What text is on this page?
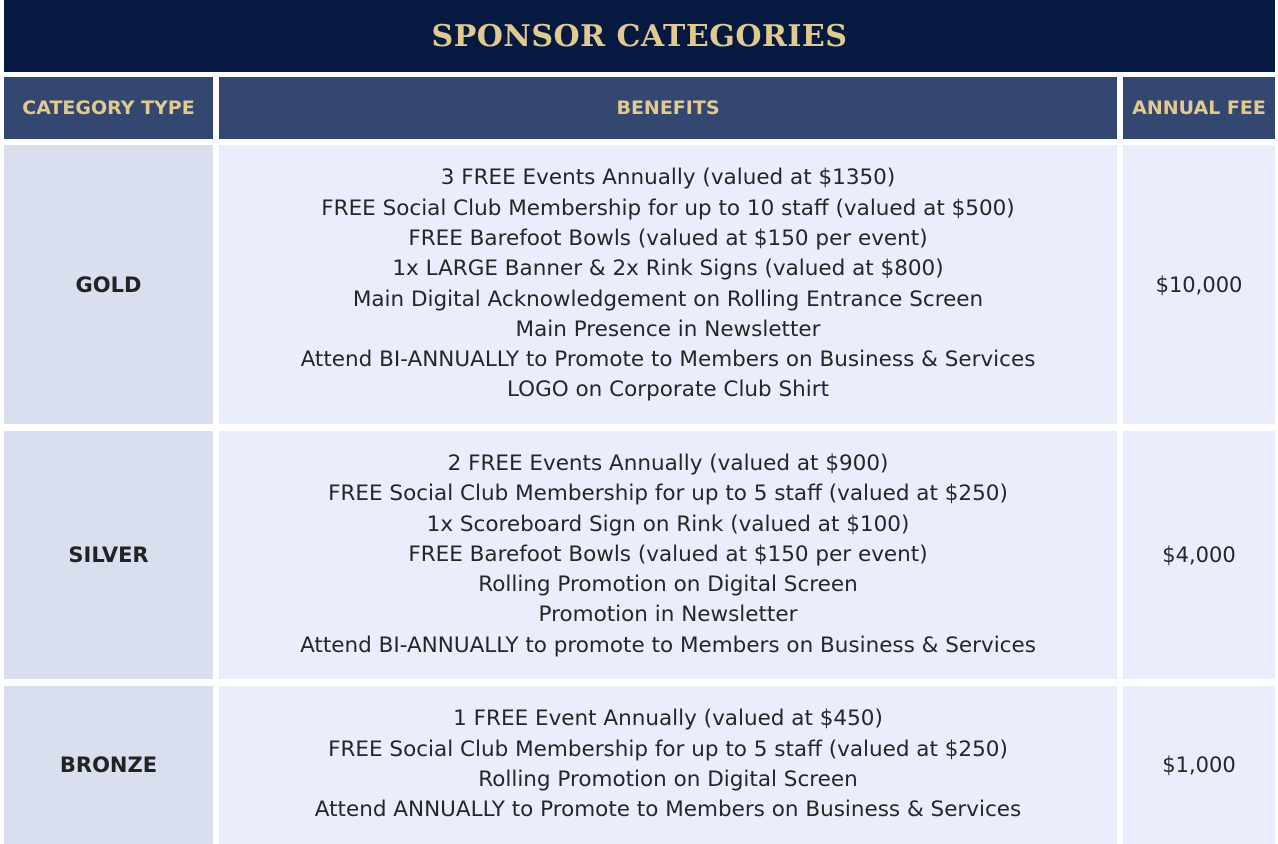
SPONSOR CATEGORIES
CATEGORY TYPE	BENEFITS	ANNUAL FEE
GOLD
3 FREE Events Annually (valued at $1350)
FREE Social Club Membership for up to 10 staff (valued at $500)
FREE Barefoot Bowls (valued at $150 per event)
1x LARGE Banner & 2x Rink Signs (valued at $800)
Main Digital Acknowledgement on Rolling Entrance Screen
Main Presence in Newsletter
Attend BI-ANNUALLY to Promote to Members on Business & Services
LOGO on Corporate Club Shirt
$10,000
SILVER
2 FREE Events Annually (valued at $900)
FREE Social Club Membership for up to 5 staff (valued at $250)
1x Scoreboard Sign on Rink (valued at $100)
FREE Barefoot Bowls (valued at $150 per event)
Rolling Promotion on Digital Screen
Promotion in Newsletter
Attend BI-ANNUALLY to promote to Members on Business & Services
$4,000
BRONZE
1 FREE Event Annually (valued at $450)
FREE Social Club Membership for up to 5 staff (valued at $250)
Rolling Promotion on Digital Screen
Attend ANNUALLY to Promote to Members on Business & Services
$1,000
